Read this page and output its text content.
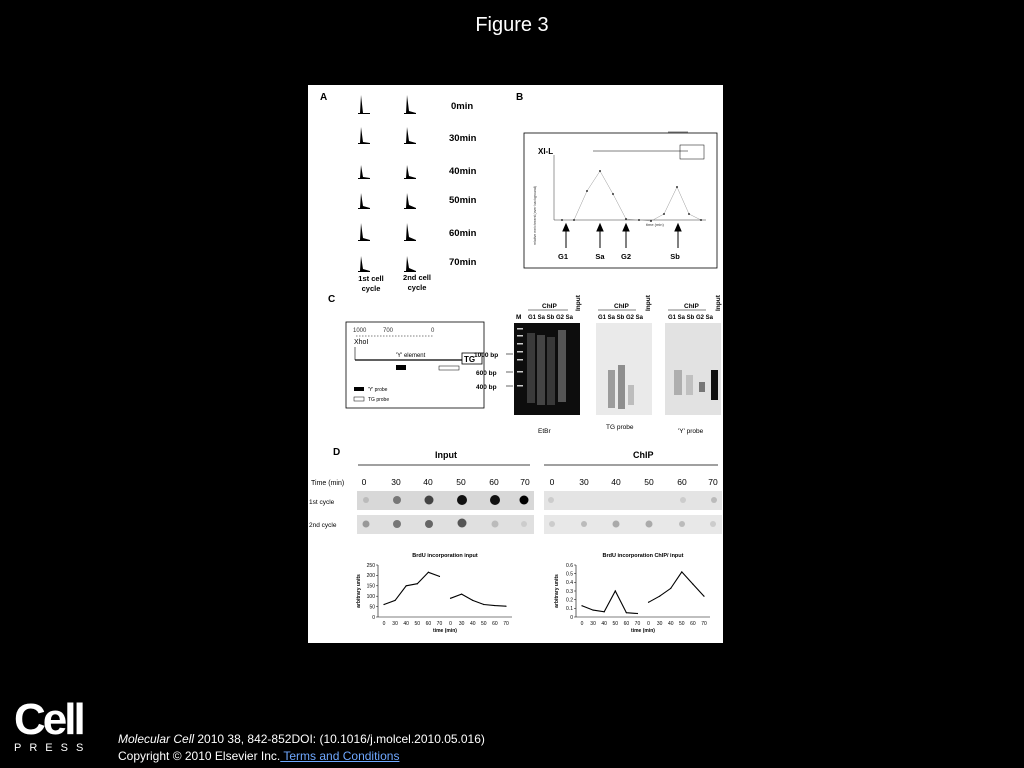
Figure 3
A
0min
30min
40min
50min
60min
70min
1st cell
cycle
2nd cell
cycle
B
XI-L
relative enrichment (over background)	time (min)
G1	Sa G2	Sb
C
1000	700	0
XhoI
'Y' element	TG
'Y' probe
TG probe
ChIP	Input
M G1 Sa Sb G2 Sa
1000 bp
600 bp
400 bp
ChIP Input
G1 Sa Sb G2 Sa
ChIP Input
G1 Sa Sb G2 Sa
EtBr
TG probe
'Y' probe
D	Input	ChIP
Time (min) 0	30	40	50	60	70 0	30	40	50	60	70
1st cycle
2nd cycle
BrdU incorporation input
0
50
100
150
200
250
0 30 40 50 60 70 0 30 40 50 60 70
time (min)
arbitrary units
BrdU incorporation ChIP/ input
0
0.1
0.2
0.3
0.4
0.5
0.6
0 30 40 50 60 70 0 30 40 50 60 70
time (min)
arbitrary units
Cell
PRESS
Molecular Cell 2010 38, 842-852DOI: (10.1016/j.molcel.2010.05.016)
Copyright © 2010 Elsevier Inc. Terms and Conditions
